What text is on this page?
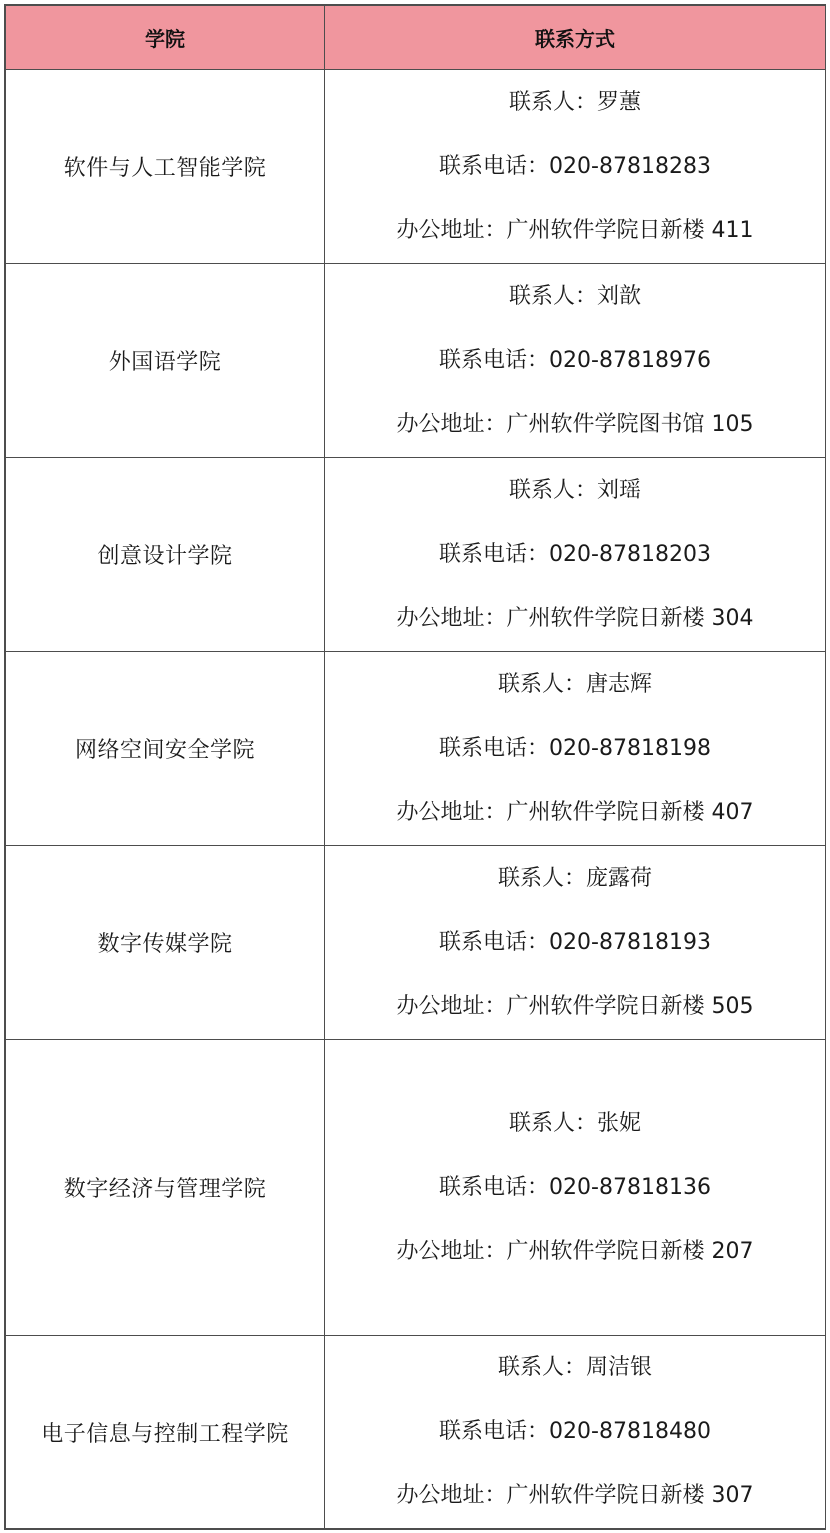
学院	联系方式
软件与人工智能学院	联系人：罗蕙
联系电话：020-87818283
办公地址：广州软件学院日新楼 411

外国语学院	联系人：刘歆
联系电话：020-87818976
办公地址：广州软件学院图书馆 105

创意设计学院	联系人：刘瑶
联系电话：020-87818203
办公地址：广州软件学院日新楼 304

网络空间安全学院	联系人：唐志辉
联系电话：020-87818198
办公地址：广州软件学院日新楼 407

数字传媒学院	联系人：庞露荷
联系电话：020-87818193
办公地址：广州软件学院日新楼 505

数字经济与管理学院	联系人：张妮
联系电话：020-87818136
办公地址：广州软件学院日新楼 207

电子信息与控制工程学院	联系人：周洁银
联系电话：020-87818480
办公地址：广州软件学院日新楼 307
